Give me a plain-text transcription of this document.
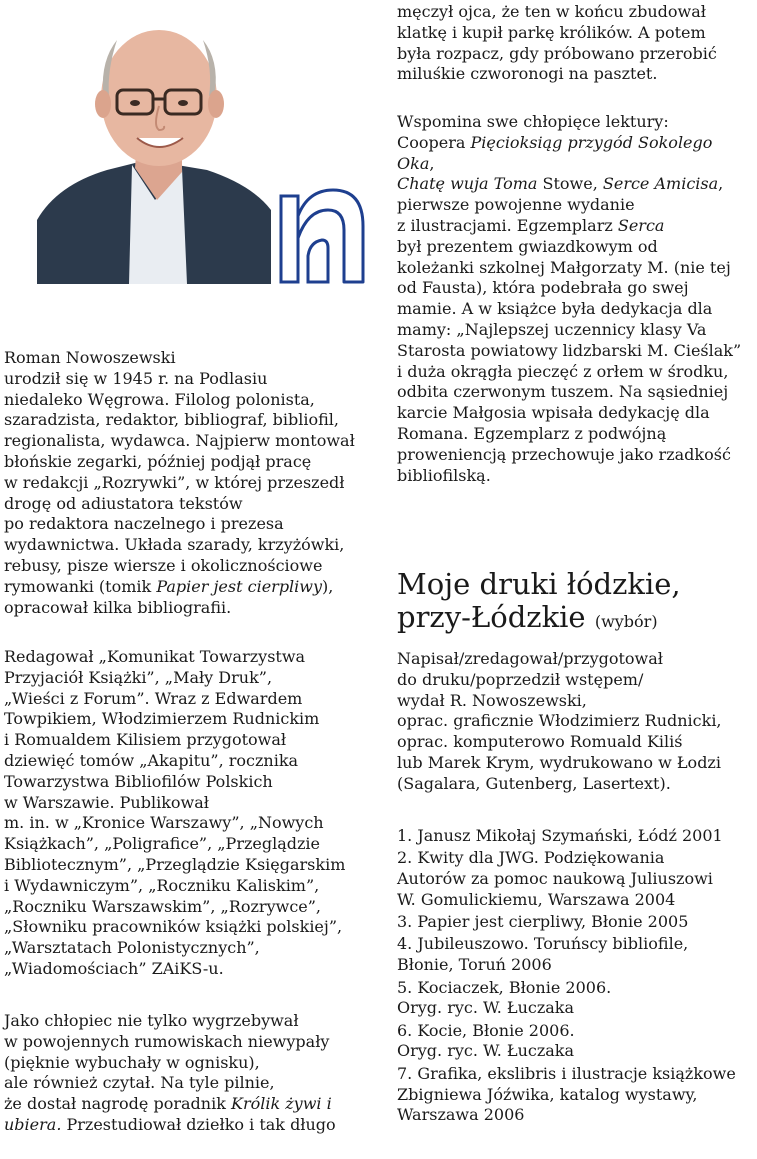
Roman Nowoszewski
urodził się w 1945 r. na Podlasiu
niedaleko Węgrowa. Filolog polonista,
szaradzista, redaktor, bibliograf, bibliofil,
regionalista, wydawca. Najpierw montował
błońskie zegarki, później podjął pracę
w redakcji „Rozrywki”, w której przeszedł
drogę od adiustatora tekstów
po redaktora naczelnego i prezesa
wydawnictwa. Układa szarady, krzyżówki,
rebusy, pisze wiersze i okolicznościowe
rymowanki (tomik Papier jest cierpliwy),
opracował kilka bibliografii.

Redagował „Komunikat Towarzystwa
Przyjaciół Książki”, „Mały Druk”,
„Wieści z Forum”. Wraz z Edwardem
Towpikiem, Włodzimierzem Rudnickim
i Romualdem Kilisiem przygotował
dziewięć tomów „Akapitu”, rocznika
Towarzystwa Bibliofilów Polskich
w Warszawie. Publikował
m. in. w „Kronice Warszawy”, „Nowych
Książkach”, „Poligrafice”, „Przeglądzie
Bibliotecznym”, „Przeglądzie Księgarskim
i Wydawniczym”, „Roczniku Kaliskim”,
„Roczniku Warszawskim”, „Rozrywce”,
„Słowniku pracowników książki polskiej”,
„Warsztatach Polonistycznych”,
„Wiadomościach” ZAiKS-u.

Jako chłopiec nie tylko wygrzebywał
w powojennych rumowiskach niewypały
(pięknie wybuchały w ognisku),
ale również czytał. Na tyle pilnie,
że dostał nagrodę poradnik Królik żywi i
ubiera. Przestudiował dziełko i tak długo

męczył ojca, że ten w końcu zbudował
klatkę i kupił parkę królików. A potem
była rozpacz, gdy próbowano przerobić
miluśkie czworonogi na pasztet.

Wspomina swe chłopięce lektury:
Coopera Pięcioksiąg przygód Sokolego Oka,
Chatę wuja Toma Stowe, Serce Amicisa,
pierwsze powojenne wydanie
z ilustracjami. Egzemplarz Serca
był prezentem gwiazdkowym od
koleżanki szkolnej Małgorzaty M. (nie tej
od Fausta), która podebrała go swej
mamie. A w książce była dedykacja dla
mamy: „Najlepszej uczennicy klasy Va
Starosta powiatowy lidzbarski M. Cieślak”
i duża okrągła pieczęć z orłem w środku,
odbita czerwonym tuszem. Na sąsiedniej
karcie Małgosia wpisała dedykację dla
Romana. Egzemplarz z podwójną
proweniencją przechowuje jako rzadkość
bibliofilską.

Moje druki łódzkie,
przy-Łódzkie (wybór)

Napisał/zredagował/przygotował
do druku/poprzedził wstępem/
wydał R. Nowoszewski,
oprac. graficznie Włodzimierz Rudnicki,
oprac. komputerowo Romuald Kiliś
lub Marek Krym, wydrukowano w Łodzi
(Sagalara, Gutenberg, Lasertext).

1. Janusz Mikołaj Szymański, Łódź 2001
2. Kwity dla JWG. Podziękowania
Autorów za pomoc naukową Juliuszowi
W. Gomulickiemu, Warszawa 2004
3. Papier jest cierpliwy, Błonie 2005
4. Jubileuszowo. Toruńscy bibliofile,
Błonie, Toruń 2006
5. Kociaczek, Błonie 2006.
Oryg. ryc. W. Łuczaka
6. Kocie, Błonie 2006.
Oryg. ryc. W. Łuczaka
7. Grafika, ekslibris i ilustracje książkowe
Zbigniewa Jóźwika, katalog wystawy,
Warszawa 2006
